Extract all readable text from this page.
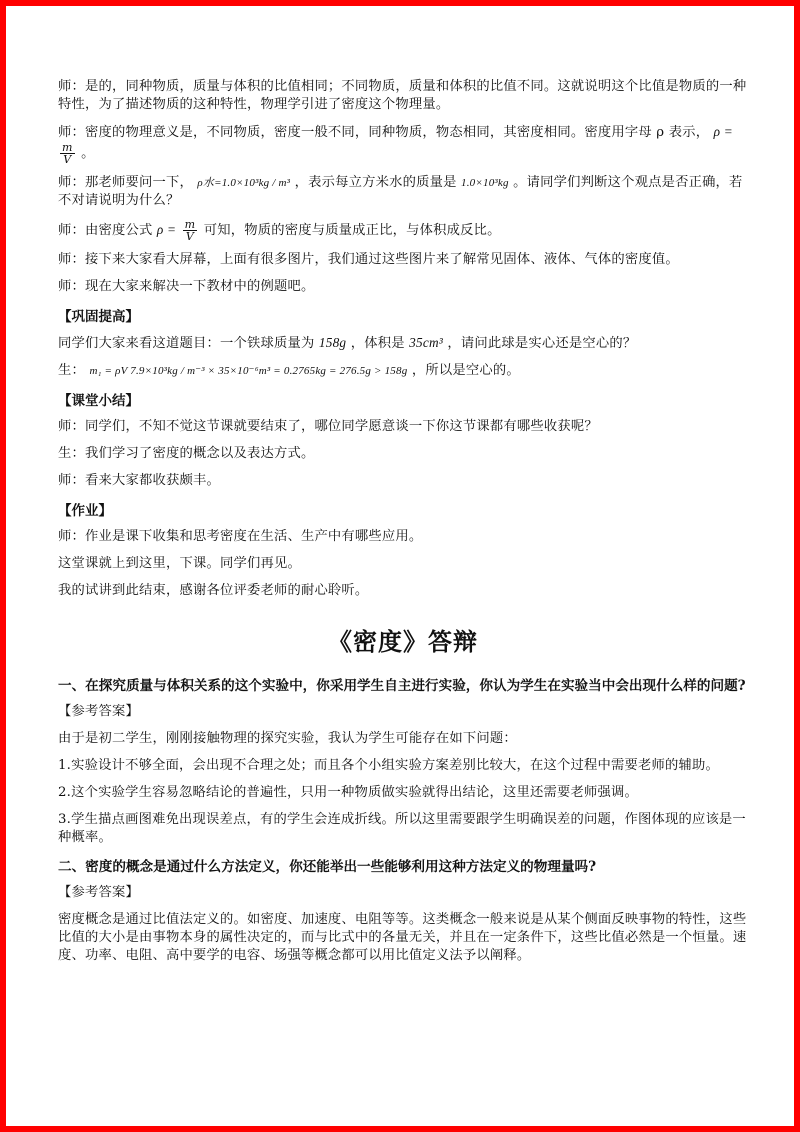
师：是的，同种物质，质量与体积的比值相同；不同物质，质量和体积的比值不同。这就说明这个比值是物质的一种特性，为了描述物质的这种特性，物理学引进了密度这个物理量。

师：密度的物理意义是，不同物质，密度一般不同，同种物质，物态相同，其密度相同。密度用字母 ρ 表示， ρ =
$\frac{m}{V}$ 。

师：那老师要问一下， ρ水=1.0×10³kg / m³ ，表示每立方米水的质量是 1.0×10³kg 。请同学们判断这个观点是否正确，若不对请说明为什么？

师：由密度公式 $\rho = \frac{m}{V}$ 可知，物质的密度与质量成正比，与体积成反比。

师：接下来大家看大屏幕，上面有很多图片，我们通过这些图片来了解常见固体、液体、气体的密度值。

师：现在大家来解决一下教材中的例题吧。

【巩固提高】

同学们大家来看这道题目：一个铁球质量为 158g ，体积是 35cm³ ，请问此球是实心还是空心的？

生： m₁ = ρV 7.9×10³kg / m⁻³ × 35×10⁻⁶m³ = 0.2765kg = 276.5g > 158g ，所以是空心的。

【课堂小结】

师：同学们，不知不觉这节课就要结束了，哪位同学愿意谈一下你这节课都有哪些收获呢？

生：我们学习了密度的概念以及表达方式。

师：看来大家都收获颇丰。

【作业】

师：作业是课下收集和思考密度在生活、生产中有哪些应用。

这堂课就上到这里，下课。同学们再见。

我的试讲到此结束，感谢各位评委老师的耐心聆听。

《密度》答辩

一、在探究质量与体积关系的这个实验中，你采用学生自主进行实验，你认为学生在实验当中会出现什么样的问题?

【参考答案】

由于是初二学生，刚刚接触物理的探究实验，我认为学生可能存在如下问题：

1.实验设计不够全面，会出现不合理之处；而且各个小组实验方案差别比较大，在这个过程中需要老师的辅助。

2.这个实验学生容易忽略结论的普遍性，只用一种物质做实验就得出结论，这里还需要老师强调。

3.学生描点画图难免出现误差点，有的学生会连成折线。所以这里需要跟学生明确误差的问题，作图体现的应该是一种概率。

二、密度的概念是通过什么方法定义，你还能举出一些能够利用这种方法定义的物理量吗?

【参考答案】

密度概念是通过比值法定义的。如密度、加速度、电阻等等。这类概念一般来说是从某个侧面反映事物的特性，这些比值的大小是由事物本身的属性决定的，而与比式中的各量无关，并且在一定条件下，这些比值必然是一个恒量。速度、功率、电阻、高中要学的电容、场强等概念都可以用比值定义法予以阐释。
